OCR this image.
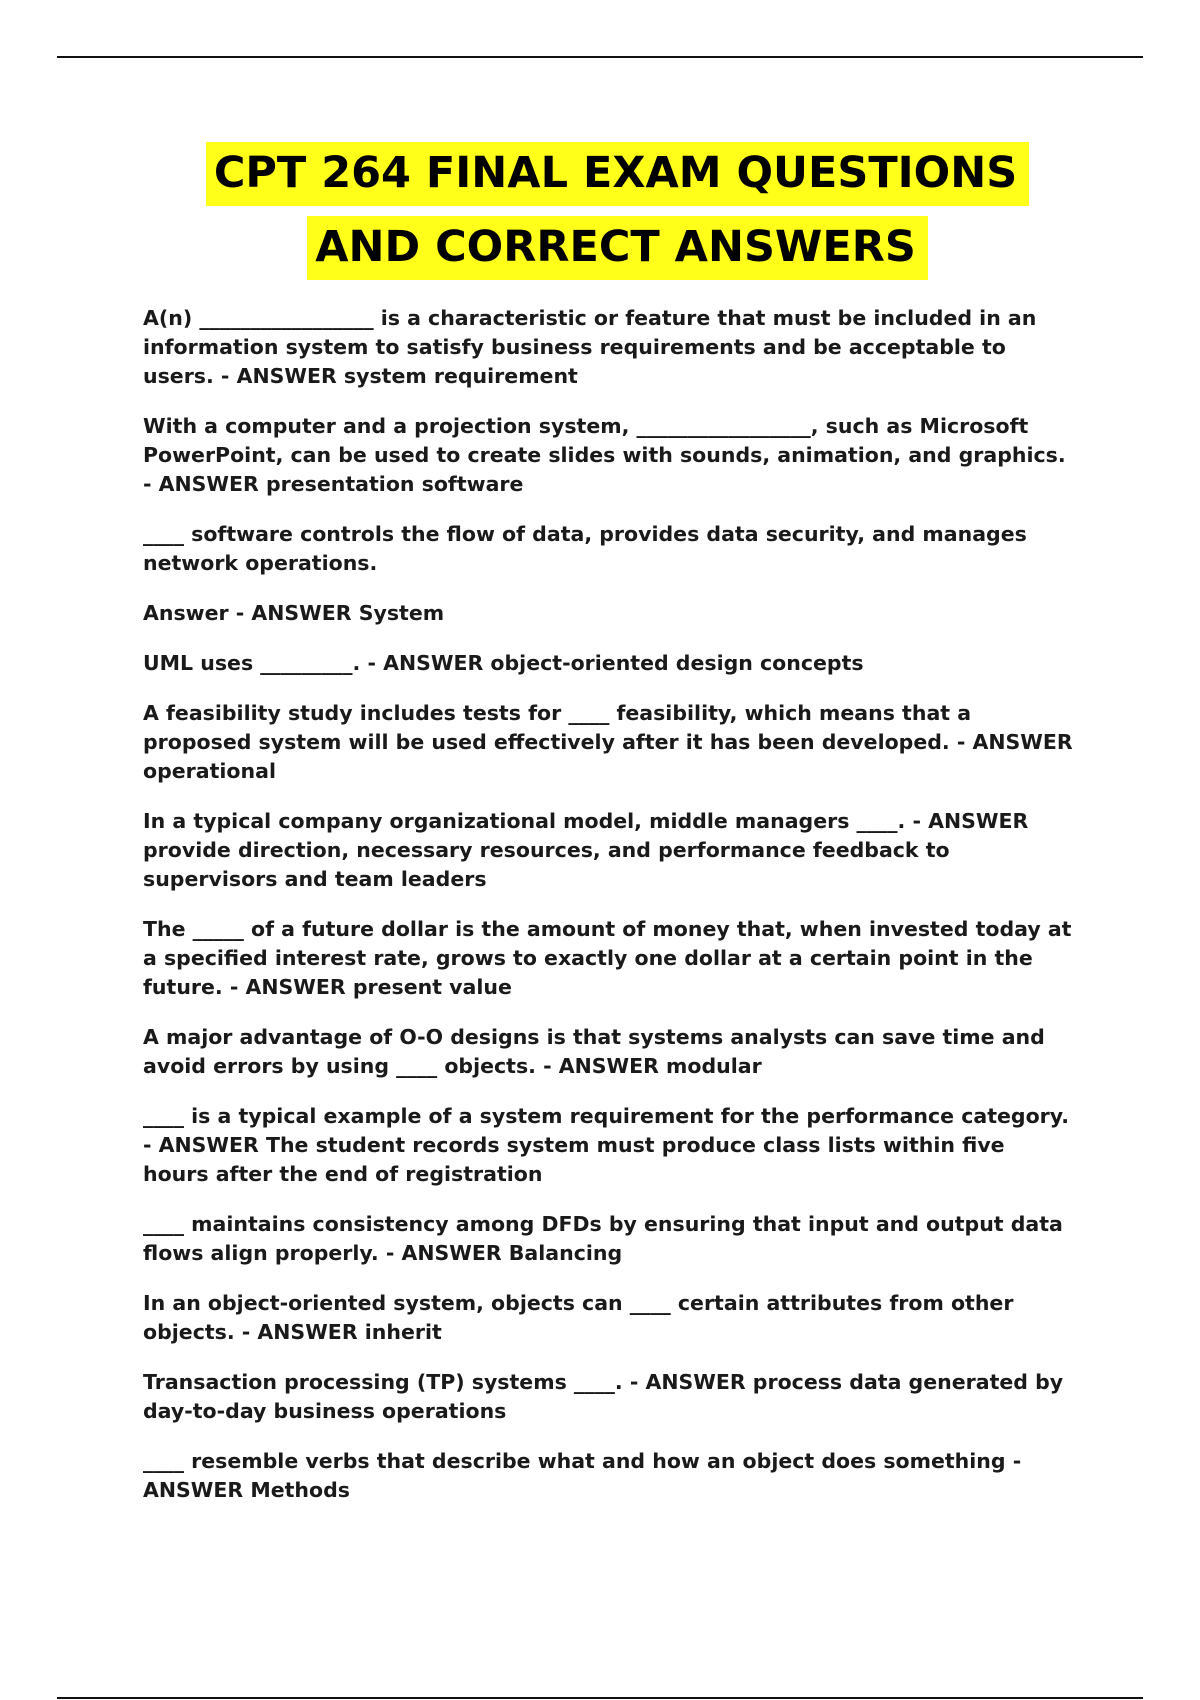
CPT 264 FINAL EXAM QUESTIONS
AND CORRECT ANSWERS

A(n) _________________ is a characteristic or feature that must be included in an information system to satisfy business requirements and be acceptable to users. - ANSWER system requirement

With a computer and a projection system, _________________, such as Microsoft PowerPoint, can be used to create slides with sounds, animation, and graphics. - ANSWER presentation software

____ software controls the flow of data, provides data security, and manages network operations.

Answer - ANSWER System

UML uses _________. - ANSWER object-oriented design concepts

A feasibility study includes tests for ____ feasibility, which means that a proposed system will be used effectively after it has been developed. - ANSWER operational

In a typical company organizational model, middle managers ____. - ANSWER provide direction, necessary resources, and performance feedback to supervisors and team leaders

The _____ of a future dollar is the amount of money that, when invested today at a specified interest rate, grows to exactly one dollar at a certain point in the future. - ANSWER present value

A major advantage of O-O designs is that systems analysts can save time and avoid errors by using ____ objects. - ANSWER modular

____ is a typical example of a system requirement for the performance category. - ANSWER The student records system must produce class lists within five hours after the end of registration

____ maintains consistency among DFDs by ensuring that input and output data flows align properly. - ANSWER Balancing

In an object-oriented system, objects can ____ certain attributes from other objects. - ANSWER inherit

Transaction processing (TP) systems ____. - ANSWER process data generated by day-to-day business operations

____ resemble verbs that describe what and how an object does something - ANSWER Methods
